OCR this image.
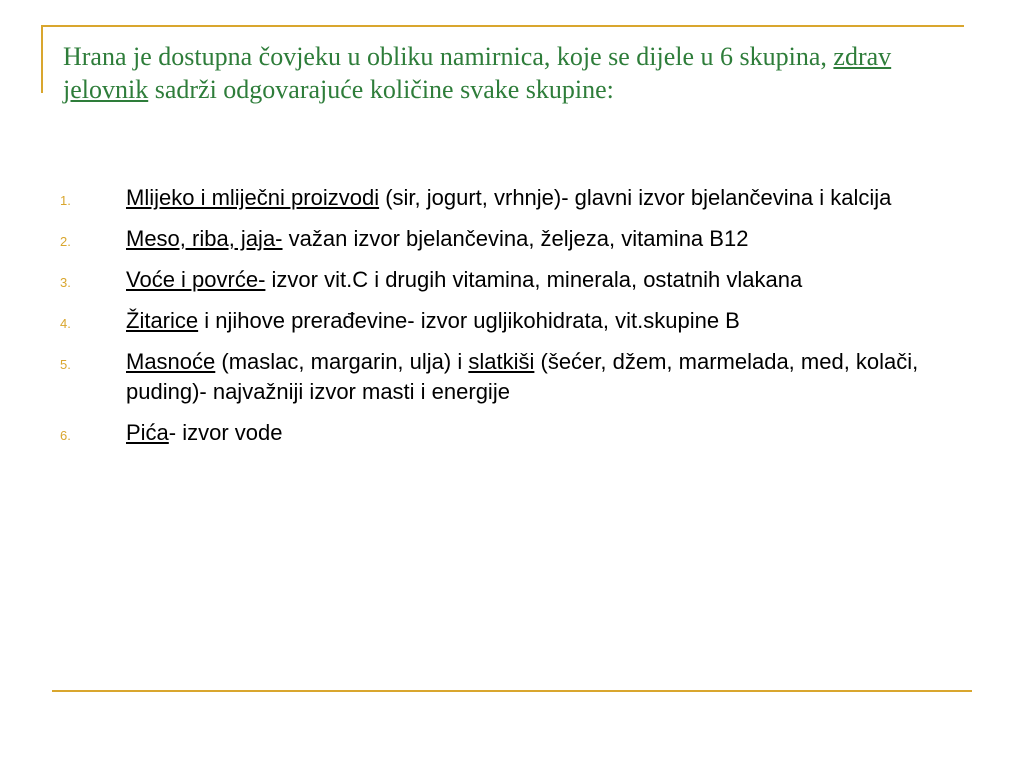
Hrana je dostupna čovjeku u obliku namirnica, koje se dijele u 6 skupina, zdrav jelovnik sadrži odgovarajuće količine svake skupine:
1.	Mlijeko i mliječni proizvodi (sir, jogurt, vrhnje)- glavni izvor bjelančevina i kalcija
2.	Meso, riba, jaja- važan izvor bjelančevina, željeza, vitamina B12
3.	Voće i povrće- izvor vit.C i drugih vitamina, minerala, ostatnih vlakana
4.	Žitarice i njihove prerađevine- izvor ugljikohidrata, vit.skupine B
5.	Masnoće (maslac, margarin, ulja) i slatkiši (šećer, džem, marmelada, med, kolači, puding)- najvažniji izvor masti i energije
6.	Pića- izvor vode
